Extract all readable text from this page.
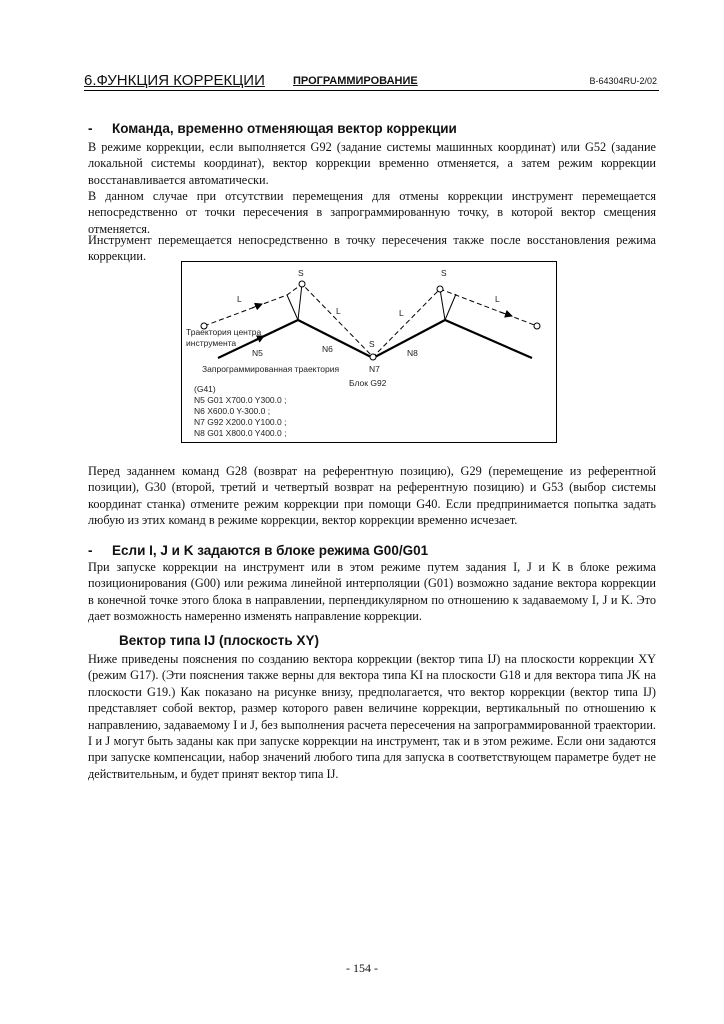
6.ФУНКЦИЯ КОРРЕКЦИИ	ПРОГРАММИРОВАНИЕ	B-64304RU-2/02
- Команда, временно отменяющая вектор коррекции

В режиме коррекции, если выполняется G92 (задание системы машинных координат) или G52 (задание локальной системы координат), вектор коррекции временно отменяется, а затем режим коррекции восстанавливается автоматически.

В данном случае при отсутствии перемещения для отмены коррекции инструмент перемещается непосредственно от точки пересечения в запрограммированную точку, в которой вектор смещения отменяется.

Инструмент перемещается непосредственно в точку пересечения также после восстановления режима коррекции.

S
S
S
L
L	L
L
Траектория центра инструмента
N5	N6
N7
N8
Запрограммированная траектория
Блок G92
(G41)
N5 G01 X700.0 Y300.0 ;
N6 X600.0 Y-300.0 ;
N7 G92 X200.0 Y100.0 ;
N8 G01 X800.0 Y400.0 ;

Перед заданнем команд G28 (возврат на референтную позицию), G29 (перемещение из референтной позиции), G30 (второй, третий и четвертый возврат на референтную позицию) и G53 (выбор системы координат станка) отмените режим коррекции при помощи G40. Если предпринимается попытка задать любую из этих команд в режиме коррекции, вектор коррекции временно исчезает.

- Если I, J и K задаются в блоке режима G00/G01

При запуске коррекции на инструмент или в этом режиме путем задания I, J и K в блоке режима позиционирования (G00) или режима линейной интерполяции (G01) возможно задание вектора коррекции в конечной точке этого блока в направлении, перпендикулярном по отношению к задаваемому I, J и K. Это дает возможность намеренно изменять направление коррекции.

Вектор типа IJ (плоскость XY)

Ниже приведены пояснения по созданию вектора коррекции (вектор типа IJ) на плоскости коррекции XY (режим G17). (Эти пояснения также верны для вектора типа KI на плоскости G18 и для вектора типа JK на плоскости G19.) Как показано на рисунке внизу, предполагается, что вектор коррекции (вектор типа IJ) представляет собой вектор, размер которого равен величине коррекции, вертикальный по отношению к направлению, задаваемому I и J, без выполнения расчета пересечения на запрограммированной траектории. I и J могут быть заданы как при запуске коррекции на инструмент, так и в этом режиме. Если они задаются при запуске компенсации, набор значений любого типа для запуска в соответствующем параметре будет не действительным, и будет принят вектор типа IJ.

- 154 -
